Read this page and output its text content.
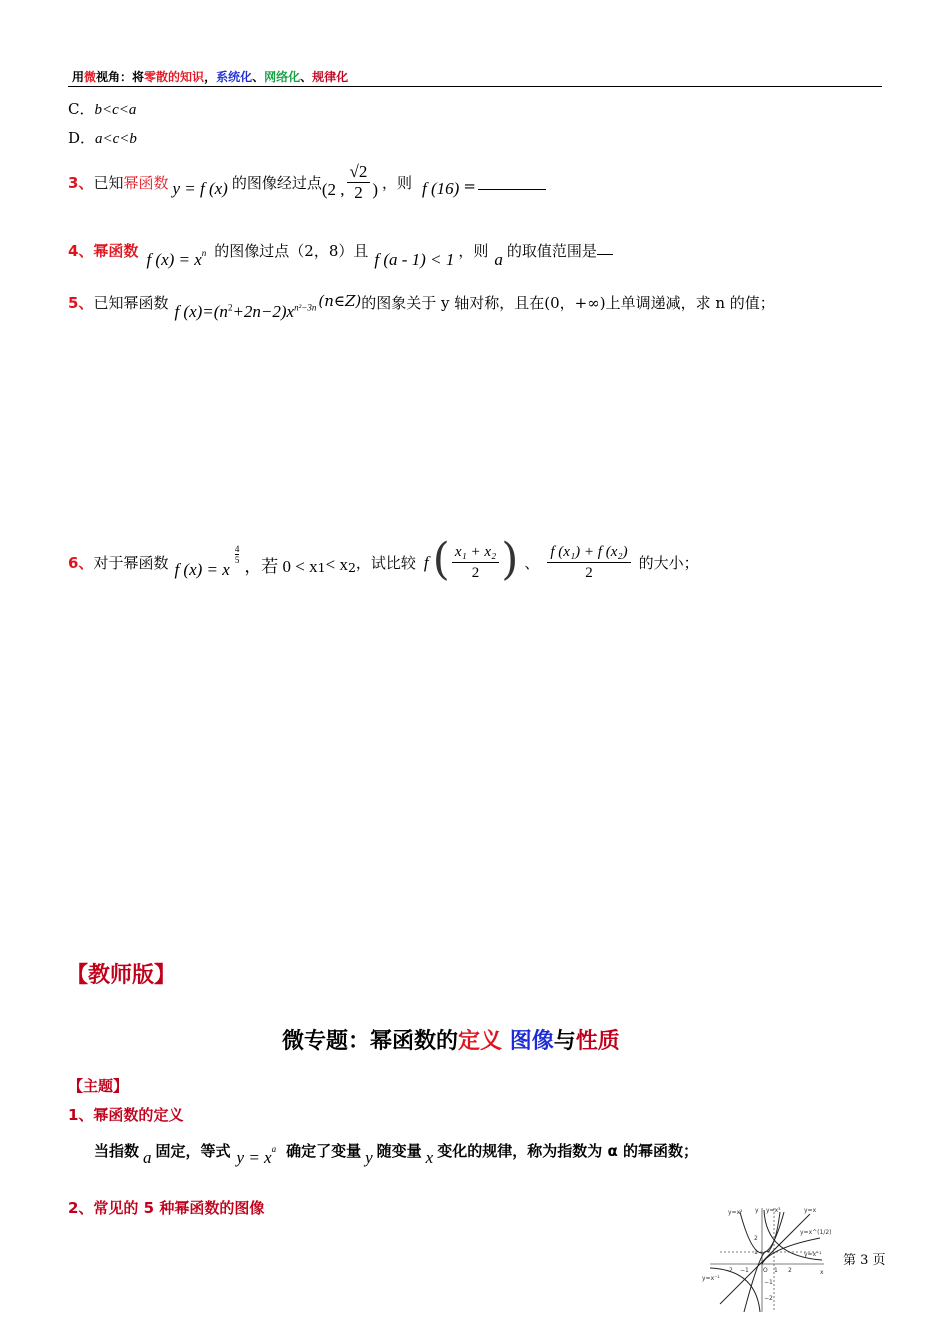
用微视角：将零散的知识，系统化、网络化、规律化
C．b<c<a
D．a<c<b
3、 已知 幂函数 y = f (x) 的图像经过点 (2 , $\frac{√2}{2}$ ) ，则 f (16) =
4、幂函数 f $(x) = x^n$ 的图像过点（2，8）且 f (a - 1) < 1 ，则 a 的取值范围是
5、 已知幂函数 f $(x)=(n^2+2n-2)x^{n^2-3n}$ (n∈Z) 的图象关于 y 轴对称，且在(0，+∞)上单调递减，求 n 的值；
6、 对于幂函数 f (x) = x
$\frac{4}{5}$
，若 $0 < x_1 < x_2$ ，试比较 f ( $\frac{\text{x₁ + x₂}}{2}$ ) 、 $\frac{\text{f (x₁) + f (x₂)}}{2}$ 的大小；
【教师版】
微专题：幂函数的定义 图像与性质
【主题】
1、幂函数的定义
当指数 a 固定，等式 $y = x^a$ 确定了变量 y 随变量 x 变化的规律，称为指数为 α 的幂函数；
2、常见的 5 种幂函数的图像	y=x²	y=x³	y=x
y=x^(1/2)
y=x⁻¹
y=x⁻¹
−2 −1 O 1 2	x
y
2
1
−1
−2
第 3 页
